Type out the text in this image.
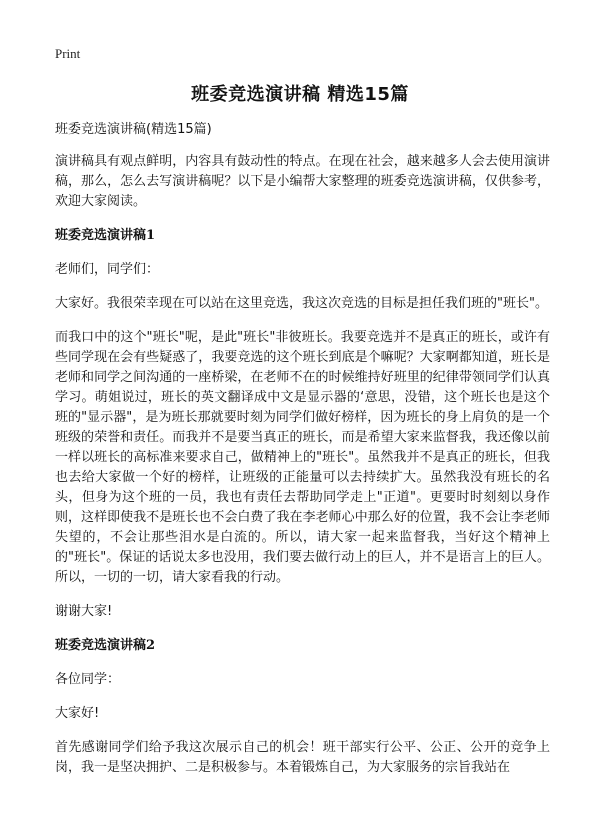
Print
班委竞选演讲稿 精选15篇

班委竞选演讲稿(精选15篇)

演讲稿具有观点鲜明，内容具有鼓动性的特点。在现在社会，越来越多人会去使用演讲稿，那么，怎么去写演讲稿呢？以下是小编帮大家整理的班委竞选演讲稿，仅供参考，欢迎大家阅读。

班委竞选演讲稿1

老师们，同学们：

大家好。我很荣幸现在可以站在这里竞选，我这次竞选的目标是担任我们班的"班长"。

而我口中的这个"班长"呢，是此"班长"非彼班长。我要竞选并不是真正的班长，或许有些同学现在会有些疑惑了，我要竞选的这个班长到底是个嘛呢？大家啊都知道，班长是老师和同学之间沟通的一座桥梁，在老师不在的时候维持好班里的纪律带领同学们认真学习。萌姐说过，班长的英文翻译成中文是显示器的‘意思，没错，这个班长也是这个班的"显示器"，是为班长那就要时刻为同学们做好榜样，因为班长的身上肩负的是一个班级的荣誉和责任。而我并不是要当真正的班长，而是希望大家来监督我，我还像以前一样以班长的高标准来要求自己，做精神上的"班长"。虽然我并不是真正的班长，但我也去给大家做一个好的榜样，让班级的正能量可以去持续扩大。虽然我没有班长的名头，但身为这个班的一员，我也有责任去帮助同学走上"正道"。更要时时刻刻以身作则，这样即使我不是班长也不会白费了我在李老师心中那么好的位置，我不会让李老师失望的，不会让那些泪水是白流的。所以，请大家一起来监督我，当好这个精神上的"班长"。保证的话说太多也没用，我们要去做行动上的巨人，并不是语言上的巨人。所以，一切的一切，请大家看我的行动。

谢谢大家!

班委竞选演讲稿2

各位同学：

大家好!

首先感谢同学们给予我这次展示自己的机会！班干部实行公平、公正、公开的竞争上岗，我一是坚决拥护、二是积极参与。本着锻炼自己，为大家服务的宗旨我站在
